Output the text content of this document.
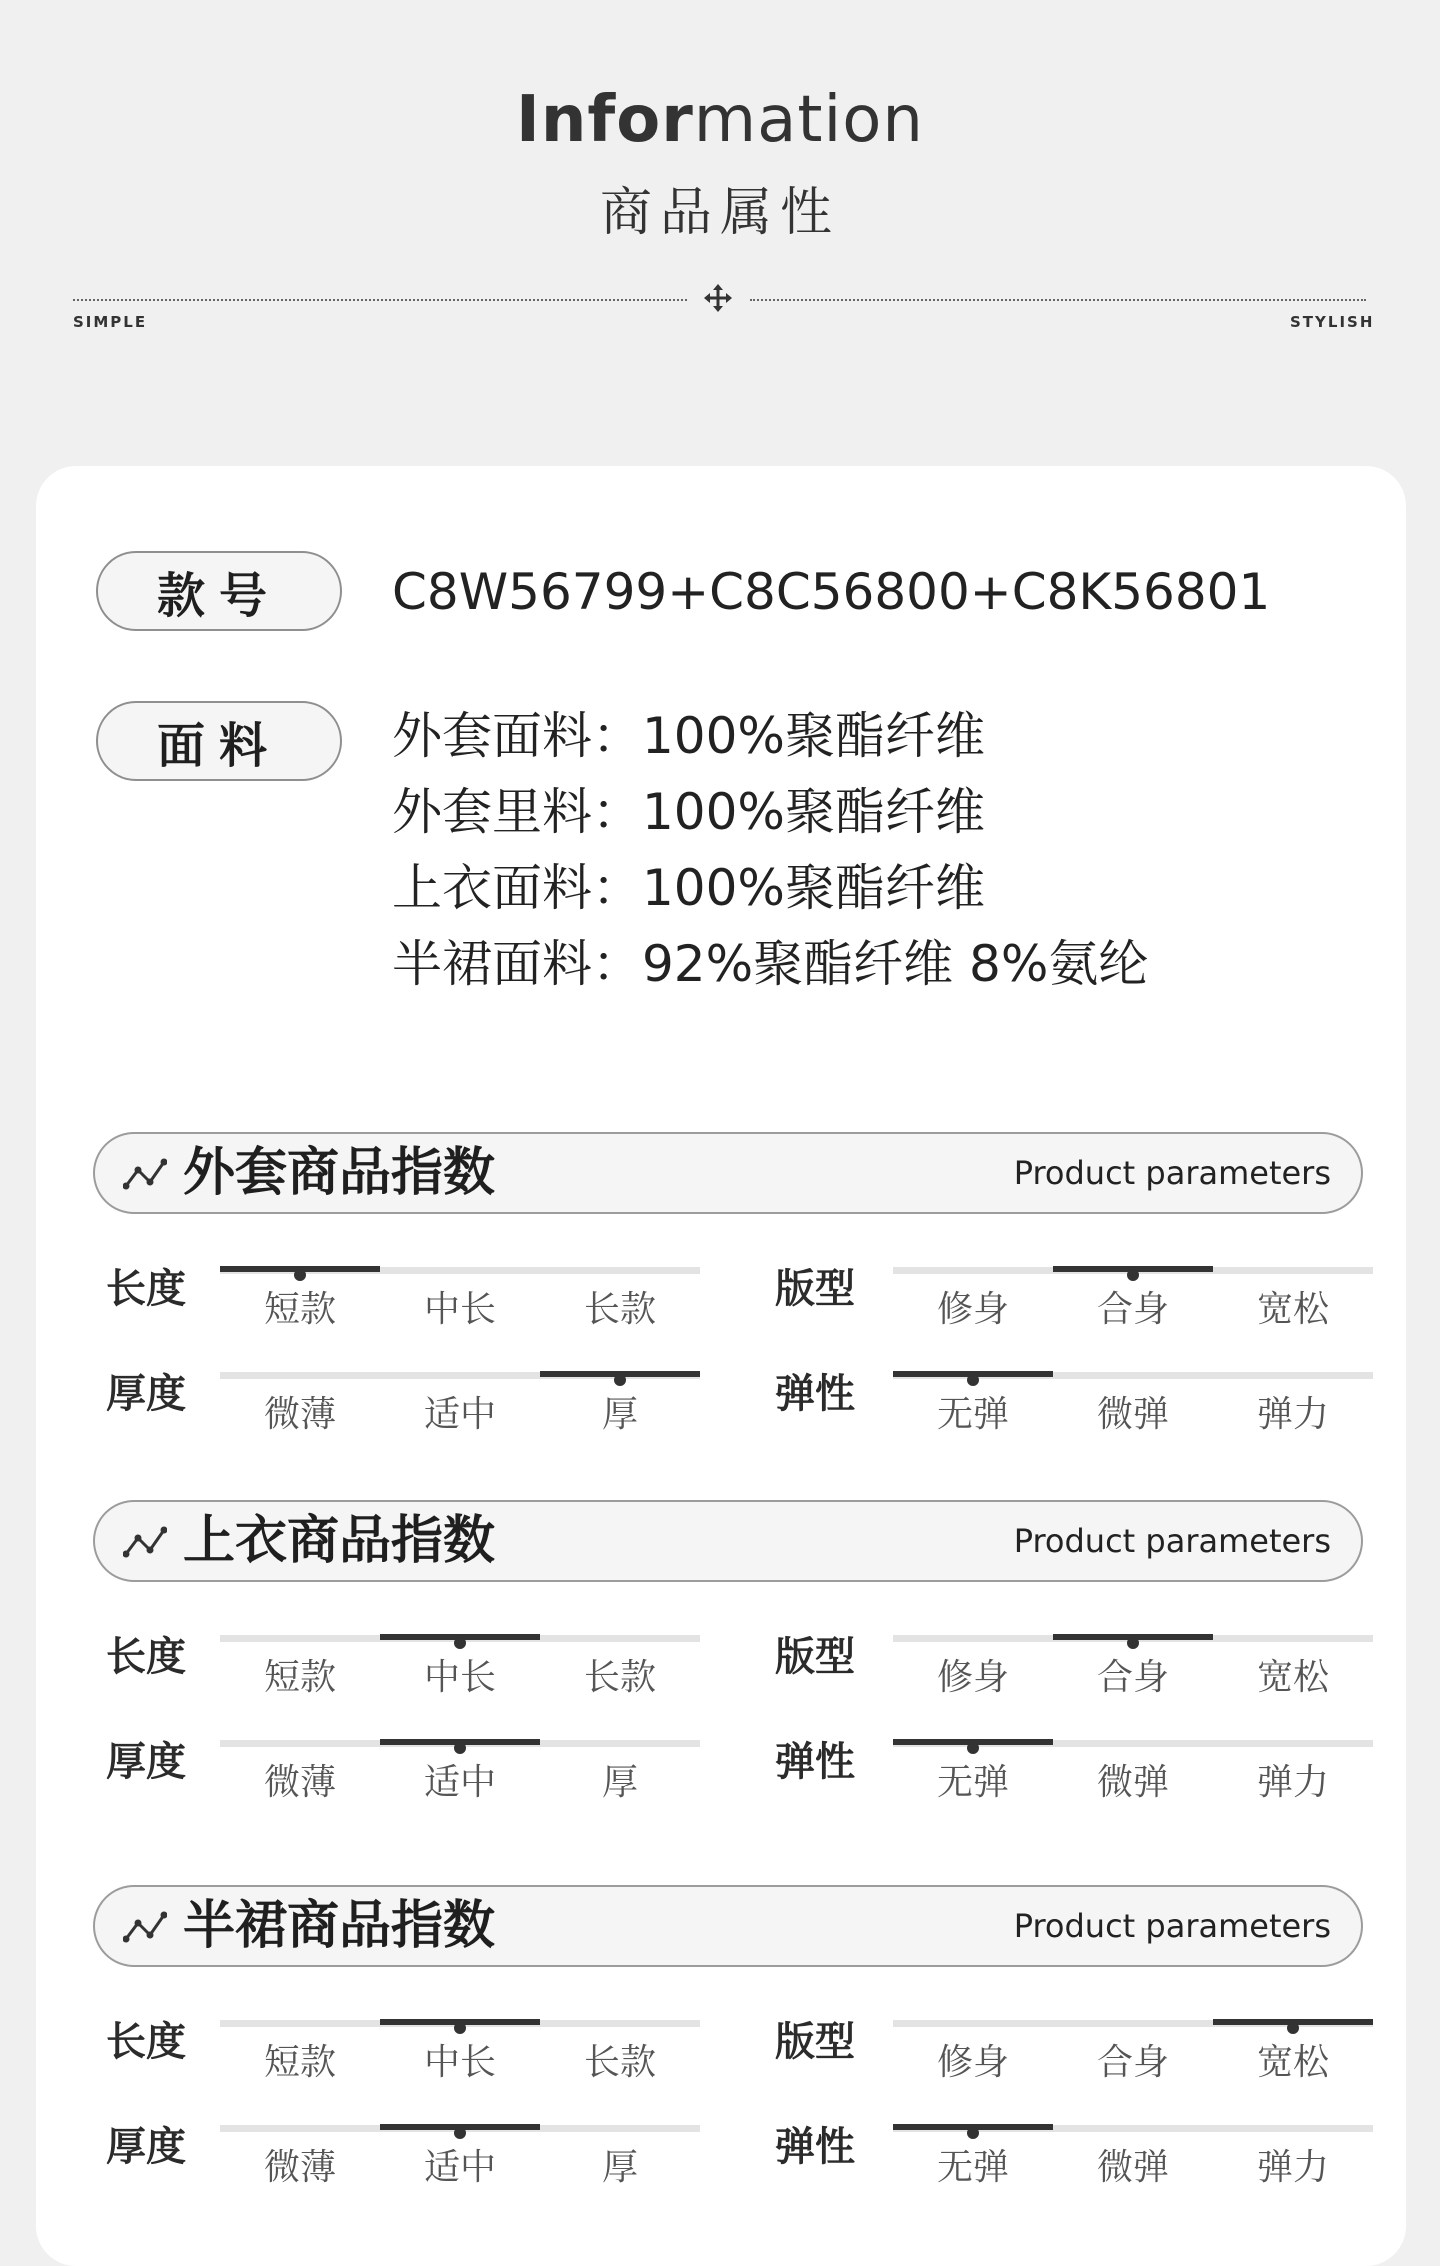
Information
商品属性
SIMPLE	STYLISH
款号	C8W56799+C8C56800+C8K56801
面料	外套面料：100%聚酯纤维
外套里料：100%聚酯纤维
上衣面料：100%聚酯纤维
半裙面料：92%聚酯纤维 8%氨纶
外套商品指数	Product parameters
长度	短款	中长	长款	版型	修身	合身	宽松
厚度	微薄	适中	厚	弹性	无弹	微弹	弹力
上衣商品指数	Product parameters
长度	短款	中长	长款	版型	修身	合身	宽松
厚度	微薄	适中	厚	弹性	无弹	微弹	弹力
半裙商品指数	Product parameters
长度	短款	中长	长款	版型	修身	合身	宽松
厚度	微薄	适中	厚	弹性	无弹	微弹	弹力
